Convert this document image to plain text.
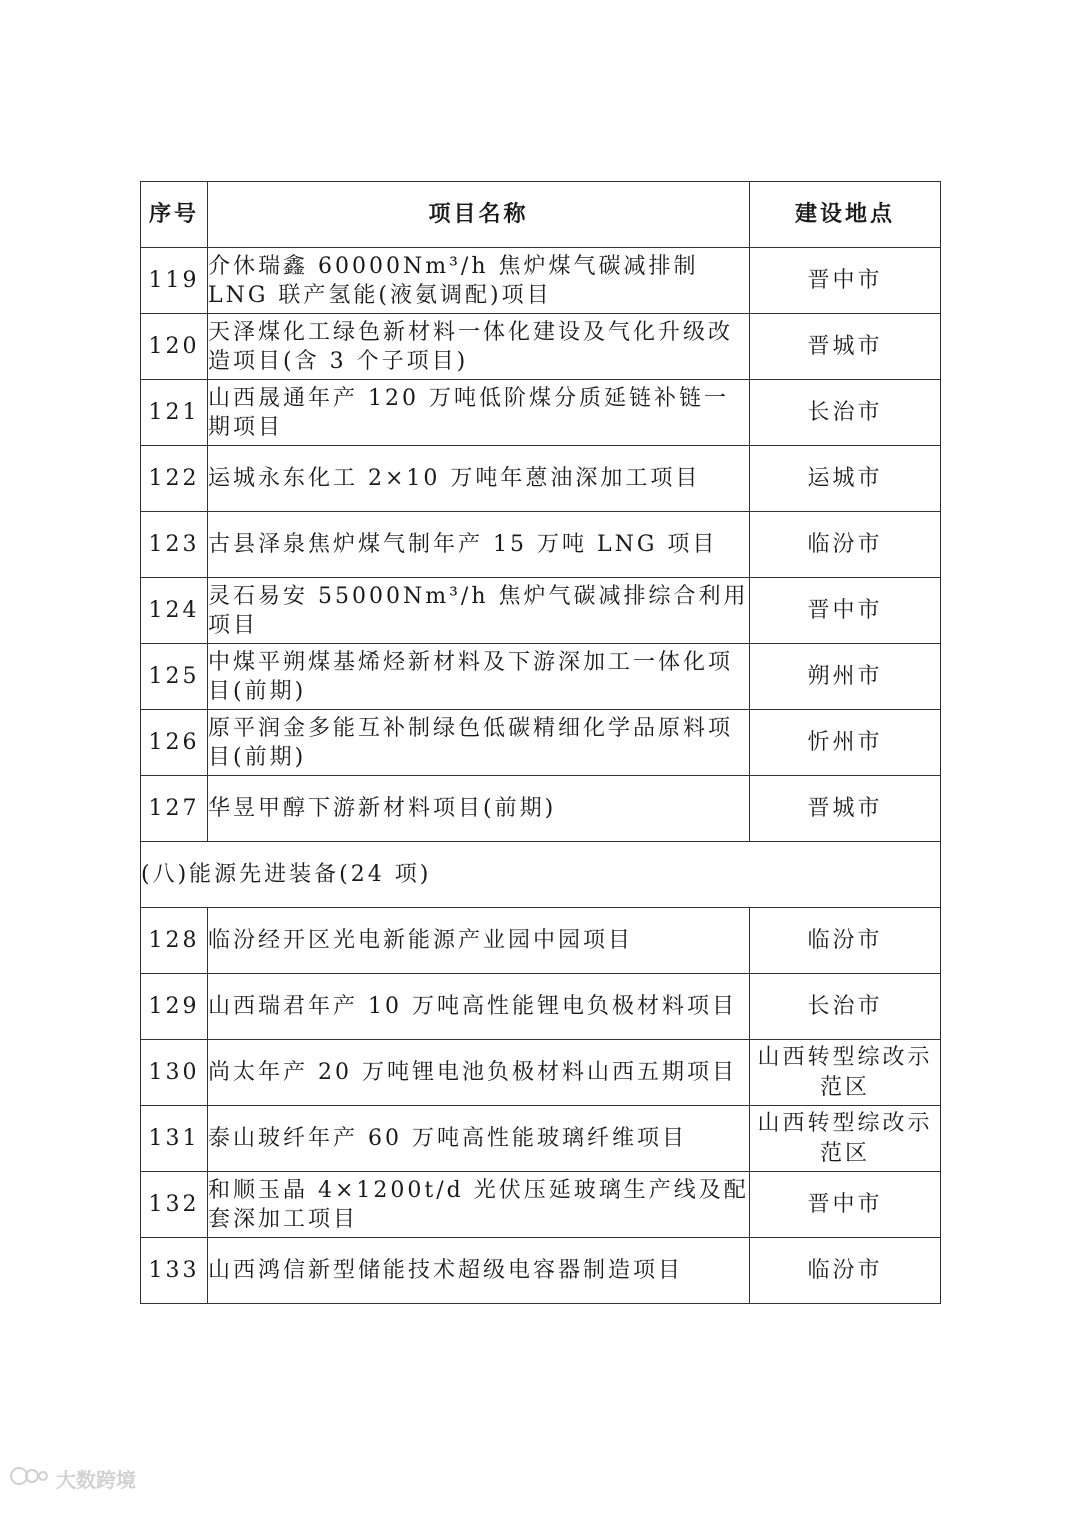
序号	项目名称	建设地点
119	介休瑞鑫 60000Nm³/h 焦炉煤气碳减排制 LNG 联产氢能(液氨调配)项目	晋中市
120	天泽煤化工绿色新材料一体化建设及气化升级改造项目(含 3 个子项目)	晋城市
121	山西晟通年产 120 万吨低阶煤分质延链补链一期项目	长治市
122	运城永东化工 2×10 万吨年蒽油深加工项目	运城市
123	古县泽泉焦炉煤气制年产 15 万吨 LNG 项目	临汾市
124	灵石易安 55000Nm³/h 焦炉气碳减排综合利用项目	晋中市
125	中煤平朔煤基烯烃新材料及下游深加工一体化项目(前期)	朔州市
126	原平润金多能互补制绿色低碳精细化学品原料项目(前期)	忻州市
127	华昱甲醇下游新材料项目(前期)	晋城市
(八)能源先进装备(24 项)		
128	临汾经开区光电新能源产业园中园项目	临汾市
129	山西瑞君年产 10 万吨高性能锂电负极材料项目	长治市
130	尚太年产 20 万吨锂电池负极材料山西五期项目	山西转型综改示范区
131	泰山玻纤年产 60 万吨高性能玻璃纤维项目	山西转型综改示范区
132	和顺玉晶 4×1200t/d 光伏压延玻璃生产线及配套深加工项目	晋中市
133	山西鸿信新型储能技术超级电容器制造项目	临汾市
大数跨境
